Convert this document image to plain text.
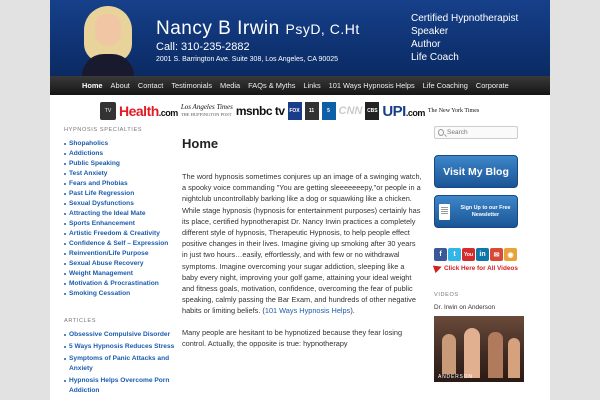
Nancy B Irwin PsyD, C.Ht
Call: 310-235-2882
2001 S. Barrington Ave. Suite 308, Los Angeles, CA 90025
Certified Hypnotherapist
Speaker
Author
Life Coach
Home About Contact Testimonials Media FAQs & Myths Links 101 Ways Hypnosis Helps Life Coaching Corporate
TV Health.com
Los Angeles Times
THE HUFFINGTON POST msnbc tv FOX	11	5 CNN CBS UPI.com The New York Times
HYPNOSIS SPECIALTIES
Shopaholics
Addictions
Public Speaking
Test Anxiety
Fears and Phobias
Past Life Regression
Sexual Dysfunctions
Attracting the Ideal Mate
Sports Enhancement
Artistic Freedom & Creativity
Confidence & Self – Expression
Reinvention/Life Purpose
Sexual Abuse Recovery
Weight Management
Motivation & Procrastination
Smoking Cessation
ARTICLES
Obsessive Compulsive Disorder
5 Ways Hypnosis Reduces Stress
Symptoms of Panic Attacks and Anxiety
Hypnosis Helps Overcome Porn Addiction
Home

The word hypnosis sometimes conjures up an image of a swinging watch, a spooky voice commanding "You are getting sleeeeeeepy,"or people in a nightclub uncontrollably barking like a dog or squawking like a chicken. While stage hypnosis (hypnosis for entertainment purposes) certainly has its place, certified hypnotherapist Dr. Nancy Irwin practices a completely different style of hypnosis, Therapeutic Hypnosis, to help people effect positive changes in their lives. Imagine giving up smoking after 30 years in just two hours…easily, effortlessly, and with few or no withdrawal symptoms. Imagine overcoming your sugar addiction, sleeping like a baby every night, improving your golf game, attaining your ideal weight and fitness goals, motivation, confidence, overcoming the fear of public speaking, calmly passing the Bar Exam, and hundreds of other negative habits or limiting beliefs. (101 Ways Hypnosis Helps).

Many people are hesitant to be hypnotized because they fear losing control. Actually, the opposite is true: hypnotherapy

Search
Visit My Blog
Sign Up to our Free Newsletter
f	t	You in	✉	◉
Click Here for All Videos
VIDEOS
Dr. Irwin on Anderson
ANDERSON
